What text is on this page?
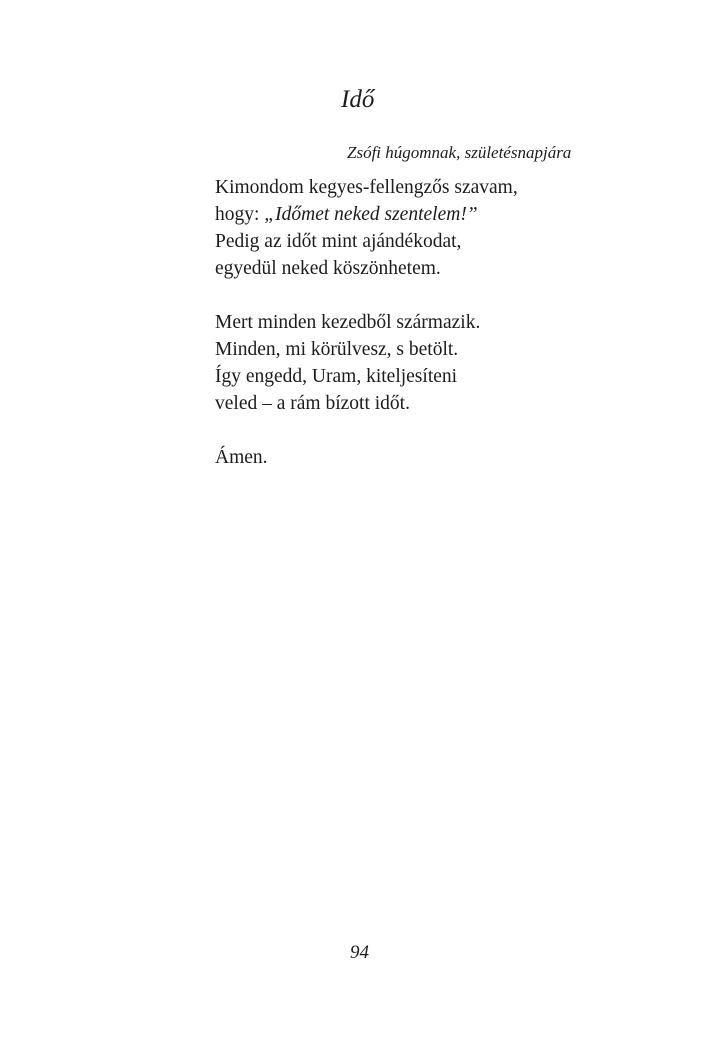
Idő
Zsófi húgomnak, születésnapjára
Kimondom kegyes-fellengzős szavam,
hogy: „Időmet neked szentelem!”
Pedig az időt mint ajándékodat,
egyedül neked köszönhetem.
Mert minden kezedből származik.
Minden, mi körülvesz, s betölt.
Így engedd, Uram, kiteljesíteni
veled – a rám bízott időt.
Ámen.
94
